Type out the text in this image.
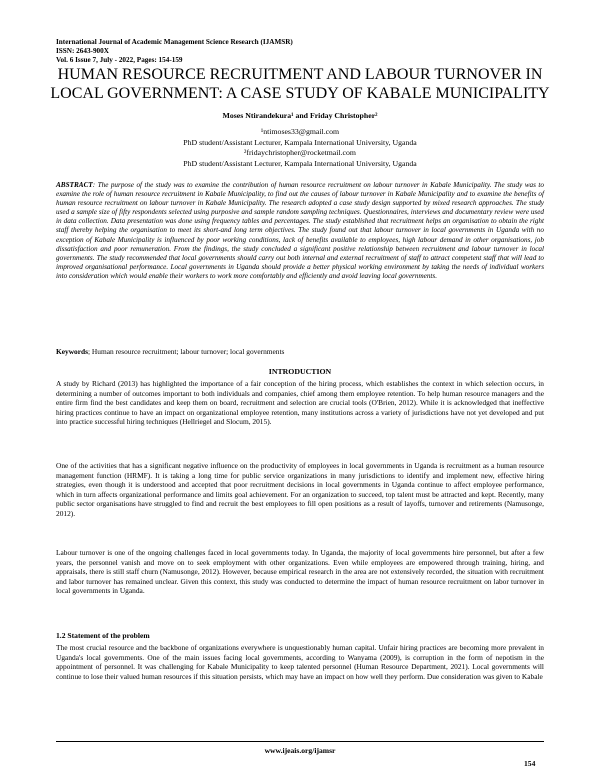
International Journal of Academic Management Science Research (IJAMSR)
ISSN: 2643-900X
Vol. 6 Issue 7, July - 2022, Pages: 154-159
HUMAN RESOURCE RECRUITMENT AND LABOUR TURNOVER IN LOCAL GOVERNMENT: A CASE STUDY OF KABALE MUNICIPALITY
Moses Ntirandekura¹ and Friday Christopher²
¹ntimoses33@gmail.com
PhD student/Assistant Lecturer, Kampala International University, Uganda
²fridaychristopher@rocketmail.com
PhD student/Assistant Lecturer, Kampala International University, Uganda
ABSTRACT: The purpose of the study was to examine the contribution of human resource recruitment on labour turnover in Kabale Municipality. The study was to examine the role of human resource recruitment in Kabale Municipality, to find out the causes of labour turnover in Kabale Municipality and to examine the benefits of human resource recruitment on labour turnover in Kabale Municipality. The research adopted a case study design supported by mixed research approaches. The study used a sample size of fifty respondents selected using purposive and sample random sampling techniques. Questionnaires, interviews and documentary review were used in data collection. Data presentation was done using frequency tables and percentages. The study established that recruitment helps an organisation to obtain the right staff thereby helping the organisation to meet its short-and long term objectives. The study found out that labour turnover in local governments in Uganda with no exception of Kabale Municipality is influenced by poor working conditions, lack of benefits available to employees, high labour demand in other organisations, job dissatisfaction and poor remuneration. From the findings, the study concluded a significant positive relationship between recruitment and labour turnover in local governments. The study recommended that local governments should carry out both internal and external recruitment of staff to attract competent staff that will lead to improved organisational performance. Local governments in Uganda should provide a better physical working environment by taking the needs of individual workers into consideration which would enable their workers to work more comfortably and efficiently and avoid leaving local governments.
Keywords; Human resource recruitment; labour turnover; local governments
INTRODUCTION

A study by Richard (2013) has highlighted the importance of a fair conception of the hiring process, which establishes the context in which selection occurs, in determining a number of outcomes important to both individuals and companies, chief among them employee retention. To help human resource managers and the entire firm find the best candidates and keep them on board, recruitment and selection are crucial tools (O'Brien, 2012). While it is acknowledged that ineffective hiring practices continue to have an impact on organizational employee retention, many institutions across a variety of jurisdictions have not yet developed and put into practice successful hiring techniques (Hellriegel and Slocum, 2015).

One of the activities that has a significant negative influence on the productivity of employees in local governments in Uganda is recruitment as a human resource management function (HRMF). It is taking a long time for public service organizations in many jurisdictions to identify and implement new, effective hiring strategies, even though it is understood and accepted that poor recruitment decisions in local governments in Uganda continue to affect employee performance, which in turn affects organizational performance and limits goal achievement. For an organization to succeed, top talent must be attracted and kept. Recently, many public sector organisations have struggled to find and recruit the best employees to fill open positions as a result of layoffs, turnover and retirements (Namusonge, 2012).

Labour turnover is one of the ongoing challenges faced in local governments today. In Uganda, the majority of local governments hire personnel, but after a few years, the personnel vanish and move on to seek employment with other organizations. Even while employees are empowered through training, hiring, and appraisals, there is still staff churn (Namusonge, 2012). However, because empirical research in the area are not extensively recorded, the situation with recruitment and labor turnover has remained unclear. Given this context, this study was conducted to determine the impact of human resource recruitment on labor turnover in local governments in Uganda.

1.2 Statement of the problem

The most crucial resource and the backbone of organizations everywhere is unquestionably human capital. Unfair hiring practices are becoming more prevalent in Uganda's local governments. One of the main issues facing local governments, according to Wanyama (2009), is corruption in the form of nepotism in the appointment of personnel. It was challenging for Kabale Municipality to keep talented personnel (Human Resource Department, 2021). Local governments will continue to lose their valued human resources if this situation persists, which may have an impact on how well they perform. Due consideration was given to Kabale

www.ijeais.org/ijamsr
154
